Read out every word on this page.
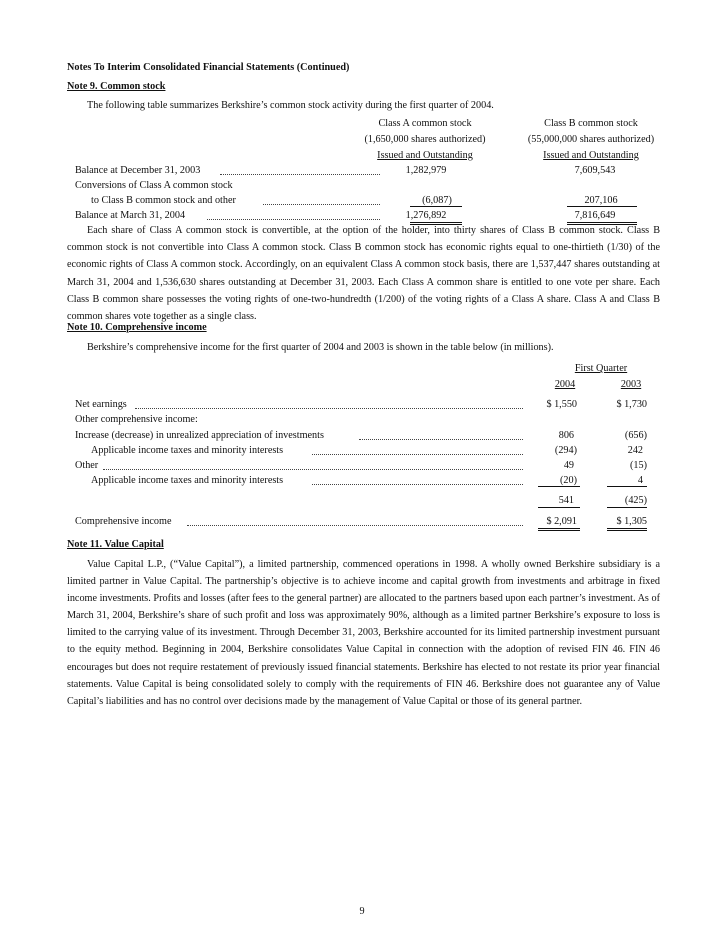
Notes To Interim Consolidated Financial Statements (Continued)
Note 9. Common stock
The following table summarizes Berkshire’s common stock activity during the first quarter of 2004.
Class A common stock
(1,650,000 shares authorized)
Issued and Outstanding
Class B common stock
(55,000,000 shares authorized)
Issued and Outstanding
Balance at December 31, 2003	1,282,979	7,609,543
Conversions of Class A common stock
to Class B common stock and other	(6,087)	207,106
Balance at March 31, 2004	1,276,892	7,816,649

Each share of Class A common stock is convertible, at the option of the holder, into thirty shares of Class B common stock. Class B common stock is not convertible into Class A common stock. Class B common stock has economic rights equal to one-thirtieth (1/30) of the economic rights of Class A common stock. Accordingly, on an equivalent Class A common stock basis, there are 1,537,447 shares outstanding at March 31, 2004 and 1,536,630 shares outstanding at December 31, 2003. Each Class A common share is entitled to one vote per share. Each Class B common share possesses the voting rights of one-two-hundredth (1/200) of the voting rights of a Class A share. Class A and Class B common shares vote together as a single class.

Note 10. Comprehensive income
Berkshire’s comprehensive income for the first quarter of 2004 and 2003 is shown in the table below (in millions).
First Quarter
2004	2003
Net earnings	$ 1,550	$ 1,730
Other comprehensive income:
Increase (decrease) in unrealized appreciation of investments	806	(656)
Applicable income taxes and minority interests	(294)	242
Other	49	(15)
Applicable income taxes and minority interests	(20)	4
541	(425)
Comprehensive income	$ 2,091	$ 1,305
Note 11. Value Capital

Value Capital L.P., (“Value Capital”), a limited partnership, commenced operations in 1998. A wholly owned Berkshire subsidiary is a limited partner in Value Capital. The partnership’s objective is to achieve income and capital growth from investments and arbitrage in fixed income investments. Profits and losses (after fees to the general partner) are allocated to the partners based upon each partner’s investment. As of March 31, 2004, Berkshire’s share of such profit and loss was approximately 90%, although as a limited partner Berkshire’s exposure to loss is limited to the carrying value of its investment. Through December 31, 2003, Berkshire accounted for its limited partnership investment pursuant to the equity method. Beginning in 2004, Berkshire consolidates Value Capital in connection with the adoption of revised FIN 46. FIN 46 encourages but does not require restatement of previously issued financial statements. Berkshire has elected to not restate its prior year financial statements. Value Capital is being consolidated solely to comply with the requirements of FIN 46. Berkshire does not guarantee any of Value Capital’s liabilities and has no control over decisions made by the management of Value Capital or those of its general partner.

9
